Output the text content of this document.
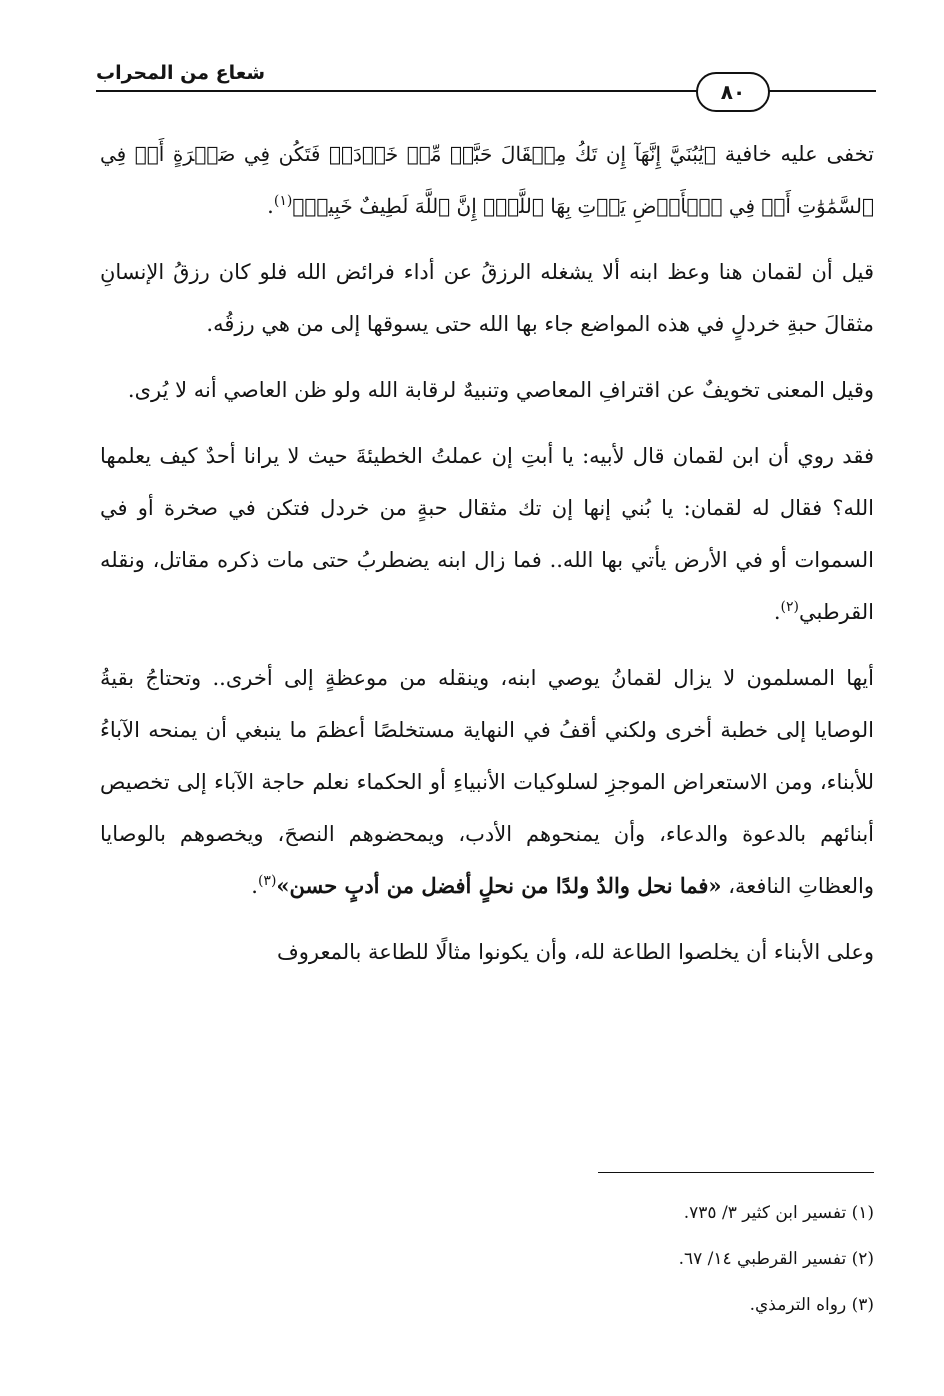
شعاع من المحراب
٨٠

تخفى عليه خافية ﴿يَٰبُنَيَّ إِنَّهَآ إِن تَكُ مِثۡقَالَ حَبَّةٖ مِّنۡ خَرۡدَلٖ فَتَكُن فِي صَخۡرَةٍ أَوۡ فِي ٱلسَّمَٰوَٰتِ أَوۡ فِي ٱلۡأَرۡضِ يَأۡتِ بِهَا ٱللَّهُۚ إِنَّ ٱللَّهَ لَطِيفٌ خَبِيرٞ﴾$^{(١)}$.

قيل أن لقمان هنا وعظ ابنه ألا يشغله الرزقُ عن أداء فرائض الله فلو كان رزقُ الإنسانِ مثقالَ حبةِ خردلٍ في هذه المواضع جاء بها الله حتى يسوقها إلى من هي رزقُه.

وقيل المعنى تخويفٌ عن اقترافِ المعاصي وتنبيهٌ لرقابة الله ولو ظن العاصي أنه لا يُرى.

فقد روي أن ابن لقمان قال لأبيه: يا أبتِ إن عملتُ الخطيئةَ حيث لا يرانا أحدٌ كيف يعلمها الله؟ فقال له لقمان: يا بُني إنها إن تك مثقال حبةٍ من خردل فتكن في صخرة أو في السموات أو في الأرض يأتي بها الله.. فما زال ابنه يضطربُ حتى مات ذكره مقاتل، ونقله القرطبي$^{(٢)}$.

أيها المسلمون لا يزال لقمانُ يوصي ابنه، وينقله من موعظةٍ إلى أخرى.. وتحتاجُ بقيةُ الوصايا إلى خطبة أخرى ولكني أقفُ في النهاية مستخلصًا أعظمَ ما ينبغي أن يمنحه الآباءُ للأبناء، ومن الاستعراض الموجزِ لسلوكيات الأنبياءِ أو الحكماء نعلم حاجة الآباء إلى تخصيص أبنائهم بالدعوة والدعاء، وأن يمنحوهم الأدب، ويمحضوهم النصحَ، ويخصوهم بالوصايا والعظاتِ النافعة، «فما نحل والدٌ ولدًا من نحلٍ أفضل من أدبٍ حسن»$^{(٣)}$.

وعلى الأبناء أن يخلصوا الطاعة لله، وأن يكونوا مثالًا للطاعة بالمعروف

(١) تفسير ابن كثير ٣/ ٧٣٥.

(٢) تفسير القرطبي ١٤/ ٦٧.

(٣) رواه الترمذي.
